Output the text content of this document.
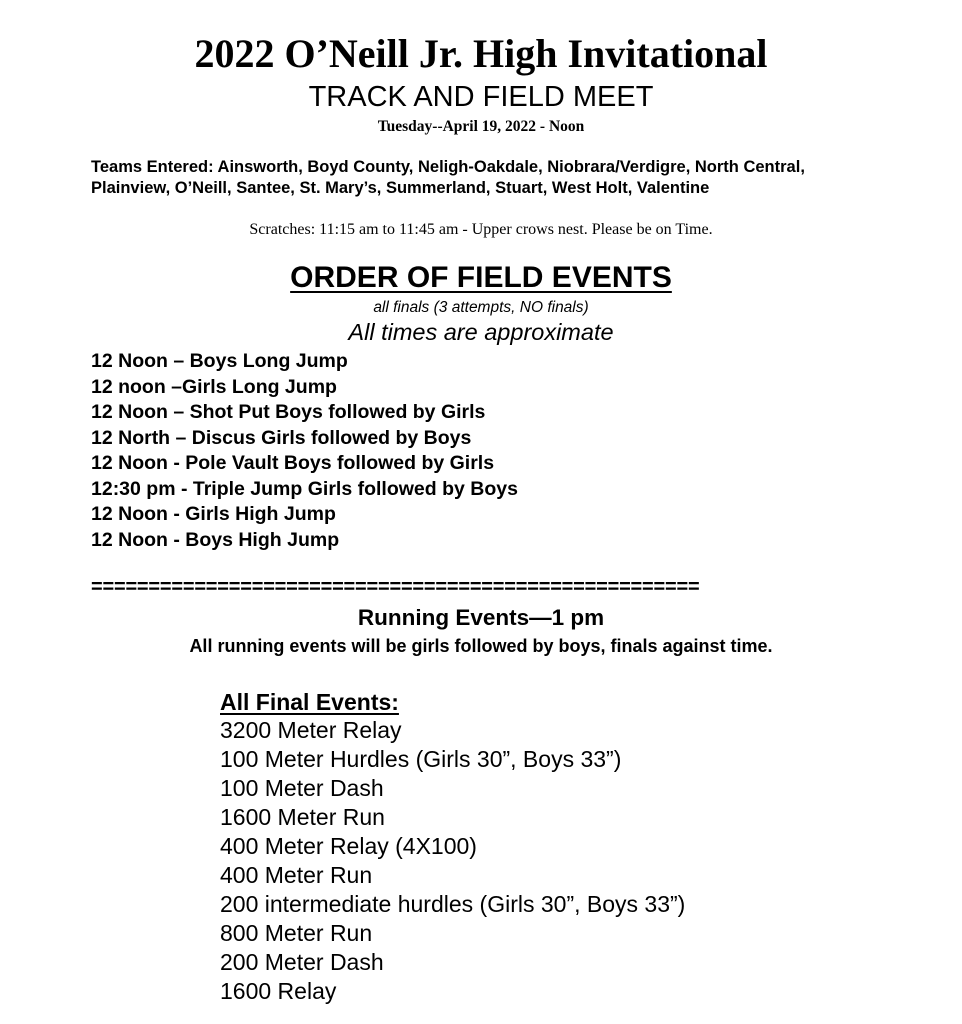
2022 O’Neill Jr. High Invitational
TRACK AND FIELD MEET
Tuesday--April 19, 2022 - Noon
Teams Entered: Ainsworth, Boyd County, Neligh-Oakdale, Niobrara/Verdigre, North Central, Plainview, O’Neill, Santee, St. Mary’s, Summerland, Stuart, West Holt, Valentine
Scratches: 11:15 am to 11:45 am - Upper crows nest. Please be on Time.
ORDER OF FIELD EVENTS
all finals (3 attempts, NO finals)
All times are approximate
12 Noon – Boys Long Jump
12 noon –Girls Long Jump
12 Noon – Shot Put Boys followed by Girls
12 North – Discus Girls followed by Boys
12 Noon - Pole Vault Boys followed by Girls
12:30 pm - Triple Jump Girls followed by Boys
12 Noon - Girls High Jump
12 Noon - Boys High Jump
=====================================================
Running Events—1 pm
All running events will be girls followed by boys, finals against time.
All Final Events:
3200 Meter Relay
100 Meter Hurdles (Girls 30”, Boys 33”)
100 Meter Dash
1600 Meter Run
400 Meter Relay (4X100)
400 Meter Run
200 intermediate hurdles (Girls 30”, Boys 33”)
800 Meter Run
200 Meter Dash
1600 Relay
